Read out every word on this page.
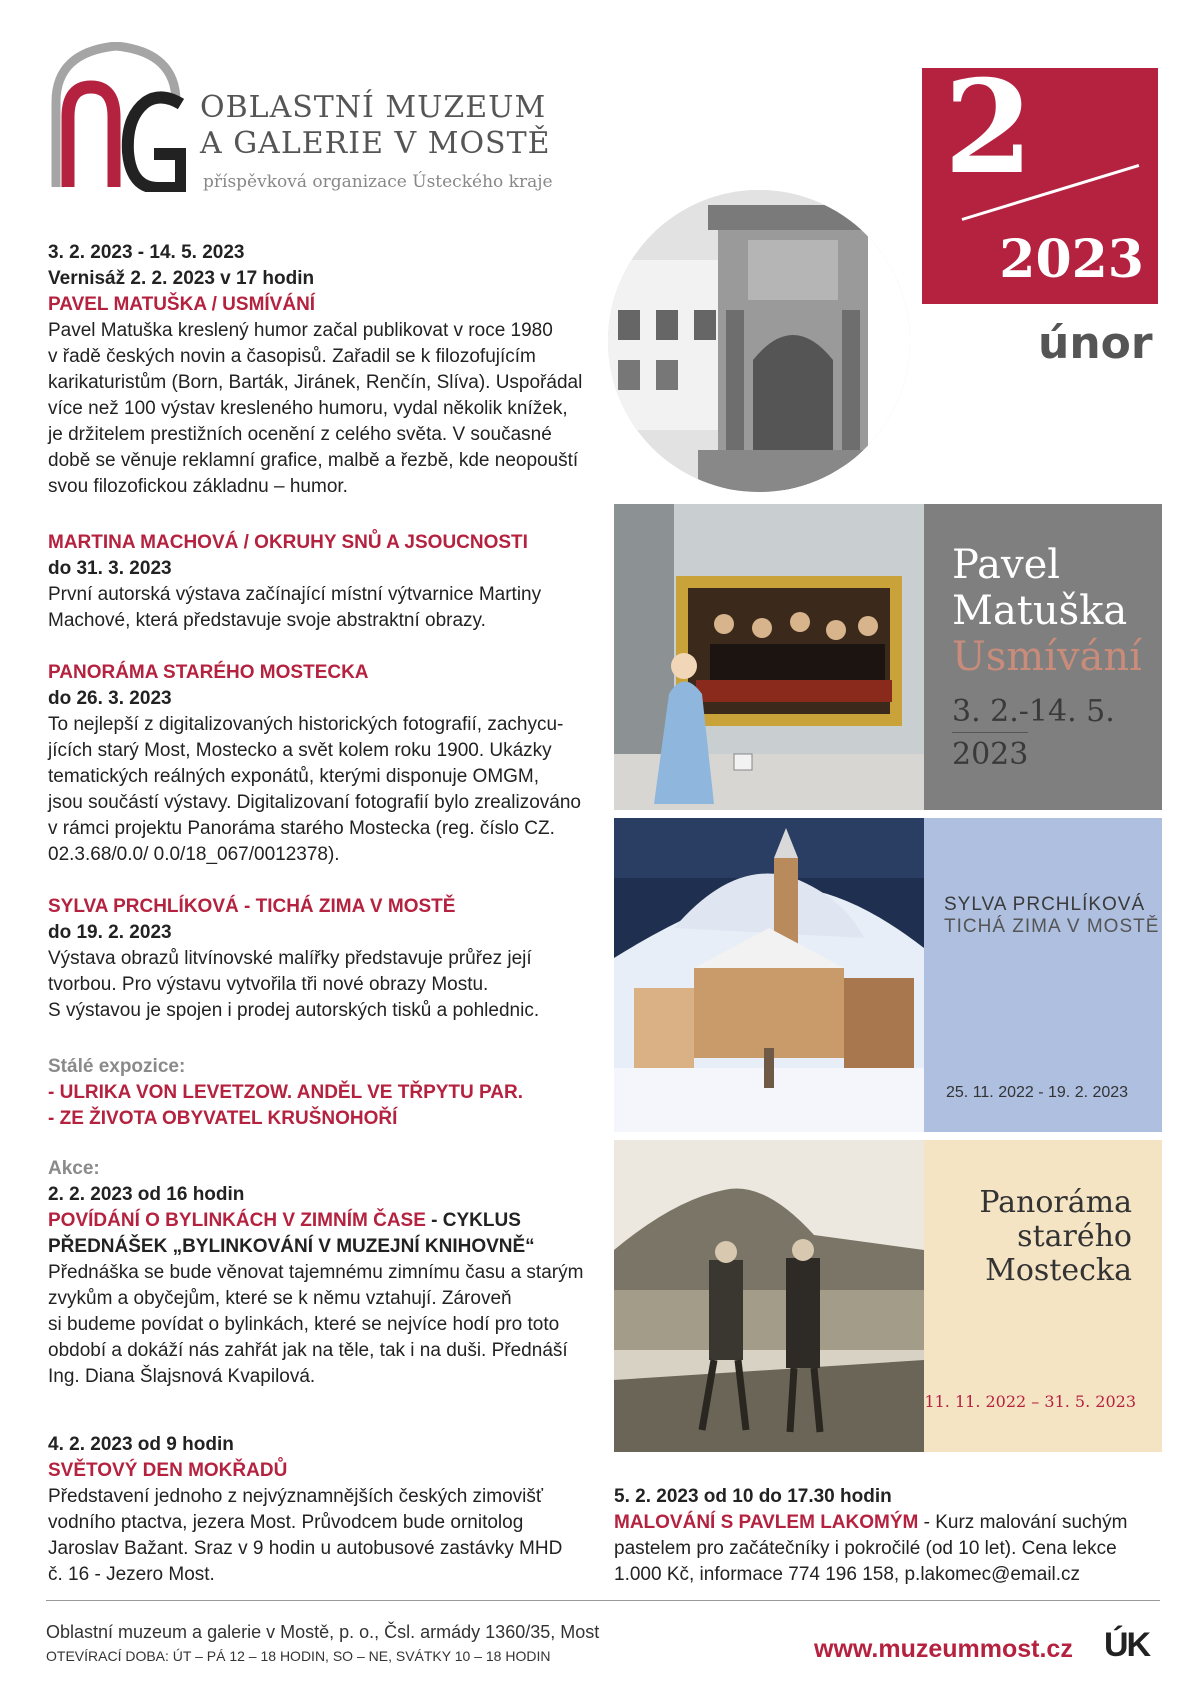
OBLASTNÍ MUZEUM
A GALERIE V MOSTĚ
příspěvková organizace Ústeckého kraje	2
2023
únor

3. 2. 2023 - 14. 5. 2023

Vernisáž 2. 2. 2023 v 17 hodin

PAVEL MATUŠKA / USMÍVÁNÍ

Pavel Matuška kreslený humor začal publikovat v roce 1980

v řadě českých novin a časopisů. Zařadil se k filozofujícím

karikaturistům (Born, Barták, Jiránek, Renčín, Slíva). Uspořádal

více než 100 výstav kresleného humoru, vydal několik knížek,

je držitelem prestižních ocenění z celého světa. V současné

době se věnuje reklamní grafice, malbě a řezbě, kde neopouští

svou filozofickou základnu – humor.

MARTINA MACHOVÁ / OKRUHY SNŮ A JSOUCNOSTI

do 31. 3. 2023

První autorská výstava začínající místní výtvarnice Martiny

Machové, která představuje svoje abstraktní obrazy.

PANORÁMA STARÉHO MOSTECKA

do 26. 3. 2023

To nejlepší z digitalizovaných historických fotografií, zachycu-

jících starý Most, Mostecko a svět kolem roku 1900. Ukázky

tematických reálných exponátů, kterými disponuje OMGM,

jsou součástí výstavy. Digitalizovaní fotografií bylo zrealizováno

v rámci projektu Panoráma starého Mostecka (reg. číslo CZ.

02.3.68/0.0/ 0.0/18_067/0012378).

SYLVA PRCHLÍKOVÁ - TICHÁ ZIMA V MOSTĚ

do 19. 2. 2023

Výstava obrazů litvínovské malířky představuje průřez její

tvorbou. Pro výstavu vytvořila tři nové obrazy Mostu.

S výstavou je spojen i prodej autorských tisků a pohlednic.

Stálé expozice:

- ULRIKA VON LEVETZOW. ANDĚL VE TŘPYTU PAR.

- ZE ŽIVOTA OBYVATEL KRUŠNOHOŘÍ

Akce:

2. 2. 2023 od 16 hodin

POVÍDÁNÍ O BYLINKÁCH V ZIMNÍM ČASE - CYKLUS

PŘEDNÁŠEK „BYLINKOVÁNÍ V MUZEJNÍ KNIHOVNĚ“

Přednáška se bude věnovat tajemnému zimnímu času a starým

zvykům a obyčejům, které se k němu vztahují. Zároveň

si budeme povídat o bylinkách, které se nejvíce hodí pro toto

období a dokáží nás zahřát jak na těle, tak i na duši. Přednáší

Ing. Diana Šlajsnová Kvapilová.

4. 2. 2023 od 9 hodin

SVĚTOVÝ DEN MOKŘADŮ

Představení jednoho z nejvýznamnějších českých zimovišť

vodního ptactva, jezera Most. Průvodcem bude ornitolog

Jaroslav Bažant. Sraz v 9 hodin u autobusové zastávky MHD

č. 16 - Jezero Most.

5. 2. 2023 od 10 do 17.30 hodin

MALOVÁNÍ S PAVLEM LAKOMÝM - Kurz malování suchým

pastelem pro začátečníky i pokročilé (od 10 let). Cena lekce

1.000 Kč, informace 774 196 158, p.lakomec@email.cz

Pavel
Matuška
Usmívání
3. 2.-14. 5.
2023
SYLVA PRCHLÍKOVÁ
TICHÁ ZIMA V MOSTĚ
25. 11. 2022 - 19. 2. 2023
Panoráma
starého
Mostecka
11. 11. 2022 – 31. 5. 2023
Oblastní muzeum a galerie v Mostě, p. o., Čsl. armády 1360/35, Most
OTEVÍRACÍ DOBA: ÚT – PÁ 12 – 18 HODIN, SO – NE, SVÁTKY 10 – 18 HODIN	www.muzeummost.cz ÚK
